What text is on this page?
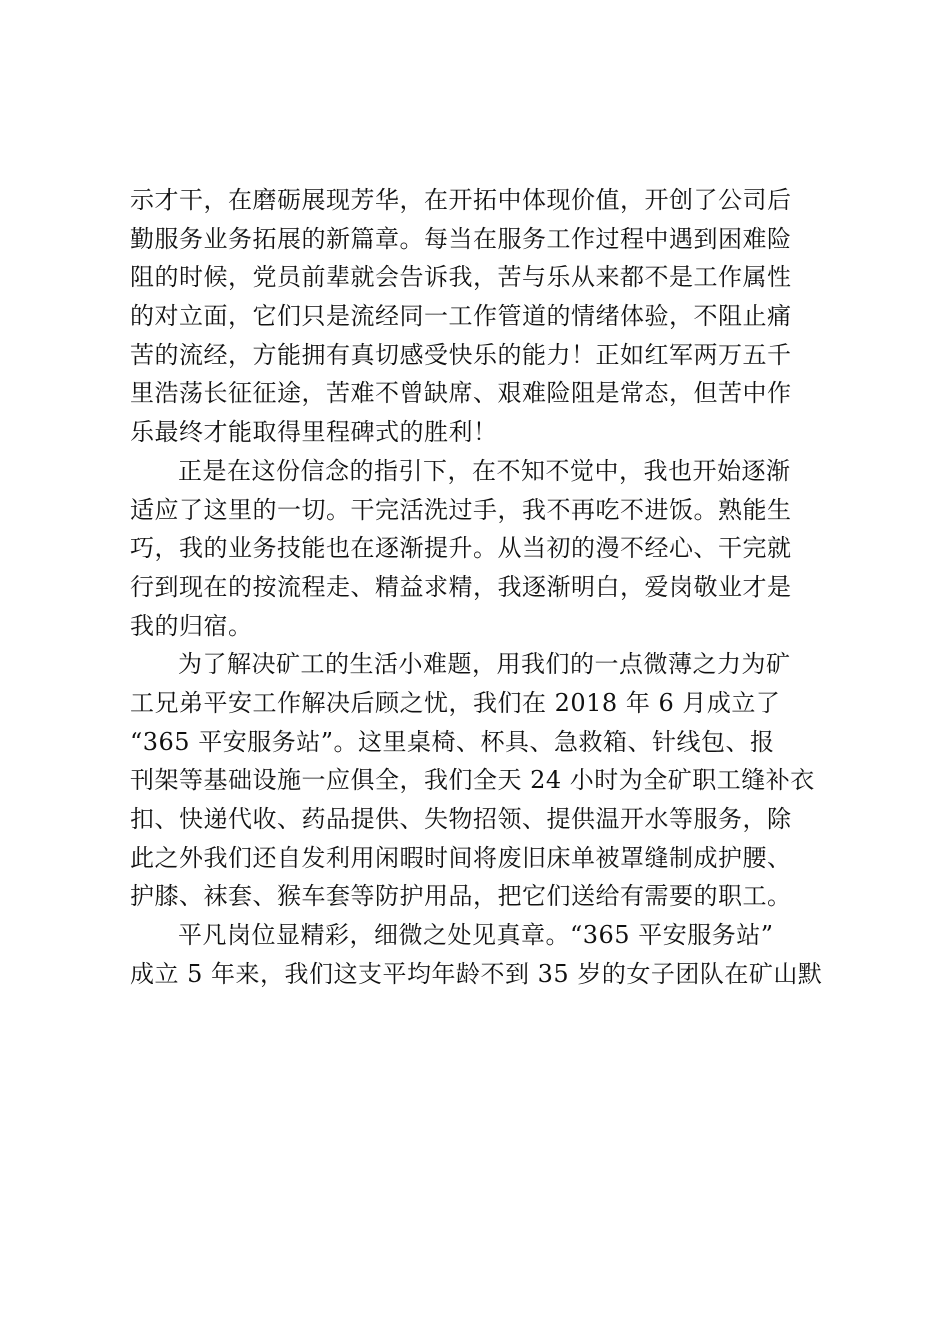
示才干，在磨砺展现芳华，在开拓中体现价值，开创了公司后
勤服务业务拓展的新篇章。每当在服务工作过程中遇到困难险
阻的时候，党员前辈就会告诉我，苦与乐从来都不是工作属性
的对立面，它们只是流经同一工作管道的情绪体验，不阻止痛
苦的流经，方能拥有真切感受快乐的能力！正如红军两万五千
里浩荡长征征途，苦难不曾缺席、艰难险阻是常态，但苦中作
乐最终才能取得里程碑式的胜利！
正是在这份信念的指引下，在不知不觉中，我也开始逐渐
适应了这里的一切。干完活洗过手，我不再吃不进饭。熟能生
巧，我的业务技能也在逐渐提升。从当初的漫不经心、干完就
行到现在的按流程走、精益求精，我逐渐明白，爱岗敬业才是
我的归宿。
为了解决矿工的生活小难题，用我们的一点微薄之力为矿
工兄弟平安工作解决后顾之忧，我们在 2018 年 6 月成立了
“365 平安服务站”。这里桌椅、杯具、急救箱、针线包、报
刊架等基础设施一应俱全，我们全天 24 小时为全矿职工缝补衣
扣、快递代收、药品提供、失物招领、提供温开水等服务，除
此之外我们还自发利用闲暇时间将废旧床单被罩缝制成护腰、
护膝、袜套、猴车套等防护用品，把它们送给有需要的职工。
平凡岗位显精彩，细微之处见真章。“365 平安服务站”
成立 5 年来，我们这支平均年龄不到 35 岁的女子团队在矿山默
